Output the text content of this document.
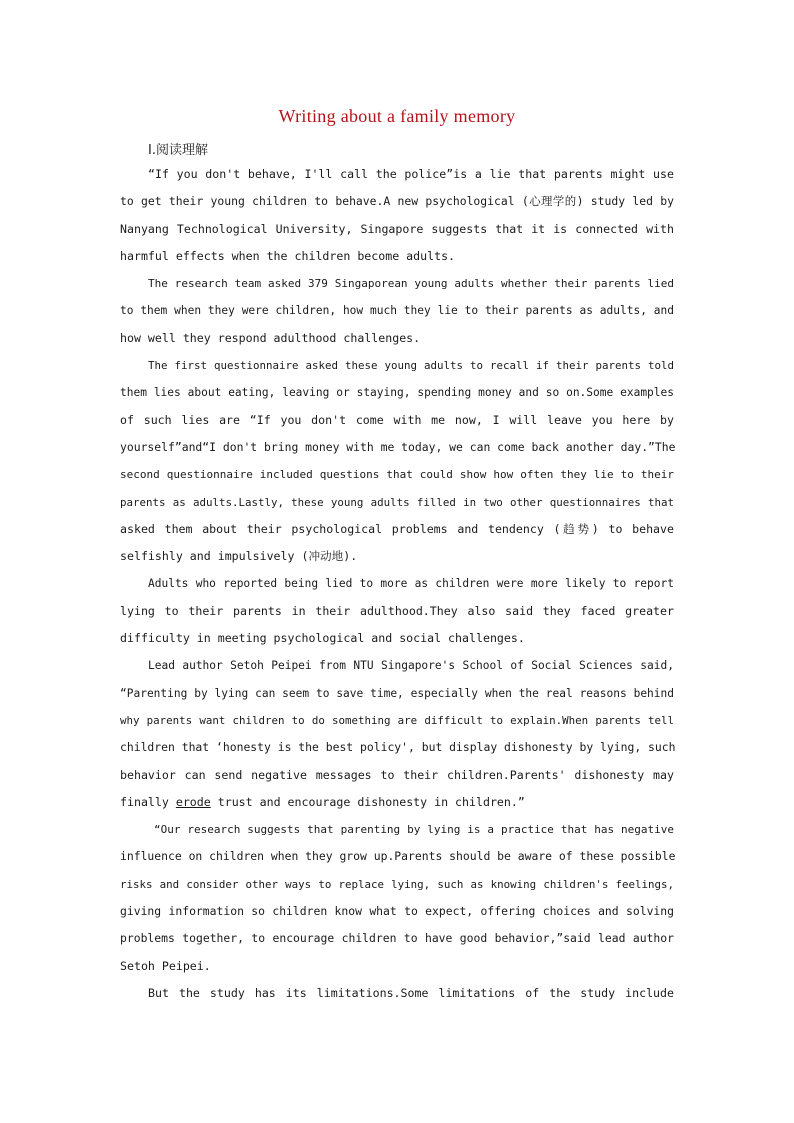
Writing about a family memory
Ⅰ.阅读理解
“If you don't behave, I'll call the police”is a lie that parents might use
to get their young children to behave.A new psychological (心理学的) study led by
Nanyang Technological University, Singapore suggests that it is connected with
harmful effects when the children become adults.
The research team asked 379 Singaporean young adults whether their parents lied
to them when they were children, how much they lie to their parents as adults, and
how well they respond adulthood challenges.
The first questionnaire asked these young adults to recall if their parents told
them lies about eating, leaving or staying, spending money and so on.Some examples
of such lies are “If you don't come with me now, I will leave you here by
yourself”and“I don't bring money with me today, we can come back another day.”The
second questionnaire included questions that could show how often they lie to their
parents as adults.Lastly, these young adults filled in two other questionnaires that
asked them about their psychological problems and tendency (趋势) to behave
selfishly and impulsively (冲动地).
Adults who reported being lied to more as children were more likely to report
lying to their parents in their adulthood.They also said they faced greater
difficulty in meeting psychological and social challenges.
Lead author Setoh Peipei from NTU Singapore's School of Social Sciences said,
“Parenting by lying can seem to save time, especially when the real reasons behind
why parents want children to do something are difficult to explain.When parents tell
children that ‘honesty is the best policy', but display dishonesty by lying, such
behavior can send negative messages to their children.Parents' dishonesty may
finally erode trust and encourage dishonesty in children.”
“Our research suggests that parenting by lying is a practice that has negative
influence on children when they grow up.Parents should be aware of these possible
risks and consider other ways to replace lying, such as knowing children's feelings,
giving information so children know what to expect, offering choices and solving
problems together, to encourage children to have good behavior,”said lead author
Setoh Peipei.
But the study has its limitations.Some limitations of the study include
